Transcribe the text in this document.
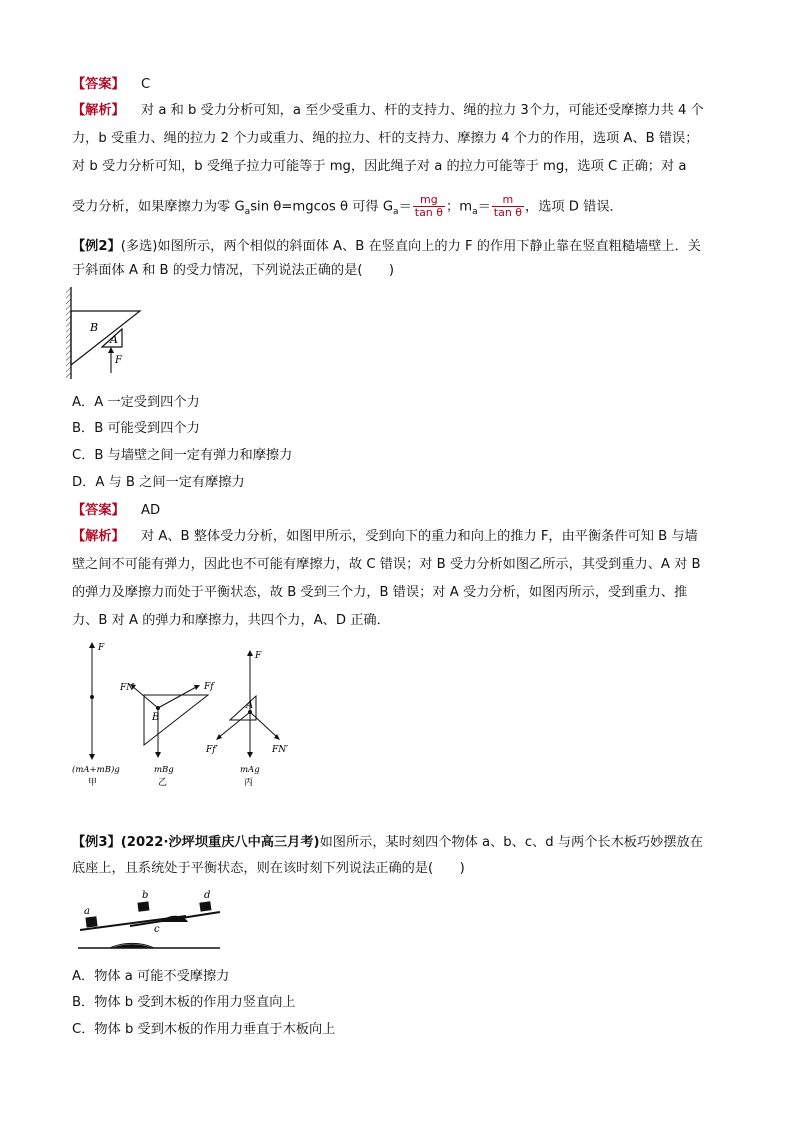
【答案】 C
【解析】 对 a 和 b 受力分析可知，a 至少受重力、杆的支持力、绳的拉力 3个力，可能还受摩擦力共 4 个
力，b 受重力、绳的拉力 2 个力或重力、绳的拉力、杆的支持力、摩擦力 4 个力的作用，选项 A、B 错误；
对 b 受力分析可知，b 受绳子拉力可能等于 mg，因此绳子对 a 的拉力可能等于 mg，选项 C 正确；对 a
受力分析，如果摩擦力为零 $G_a\sin$ θ=mgcos θ 可得 $G_a= \frac{mg}{\text{tan θ}}$ ；$m_a= \frac{m}{\text{tan θ}}$ ，选项 D 错误．
【例2】(多选)如图所示，两个相似的斜面体 A、B 在竖直向上的力 F 的作用下静止靠在竖直粗糙墙壁上．关
于斜面体 A 和 B 的受力情况，下列说法正确的是(　　)
B
A
F
A．A 一定受到四个力
B．B 可能受到四个力
C．B 与墙壁之间一定有弹力和摩擦力
D．A 与 B 之间一定有摩擦力
【答案】 AD
【解析】 对 A、B 整体受力分析，如图甲所示，受到向下的重力和向上的推力 F，由平衡条件可知 B 与墙
壁之间不可能有弹力，因此也不可能有摩擦力，故 C 错误；对 B 受力分析如图乙所示，其受到重力、A 对 B
的弹力及摩擦力而处于平衡状态，故 B 受到三个力，B 错误；对 A 受力分析，如图丙所示，受到重力、推
力、B 对 A 的弹力和摩擦力，共四个力，A、D 正确．
F
(mA+mB)g
甲
FN	Ff
B
mBg
乙
F
A
Ff′	FN′
mAg
丙
【例3】(2022·沙坪坝重庆八中高三月考)如图所示，某时刻四个物体 a、b、c、d 与两个长木板巧妙摆放在
底座上，且系统处于平衡状态，则在该时刻下列说法正确的是(　　)
a
b
c
d
A．物体 a 可能不受摩擦力
B．物体 b 受到木板的作用力竖直向上
C．物体 b 受到木板的作用力垂直于木板向上
